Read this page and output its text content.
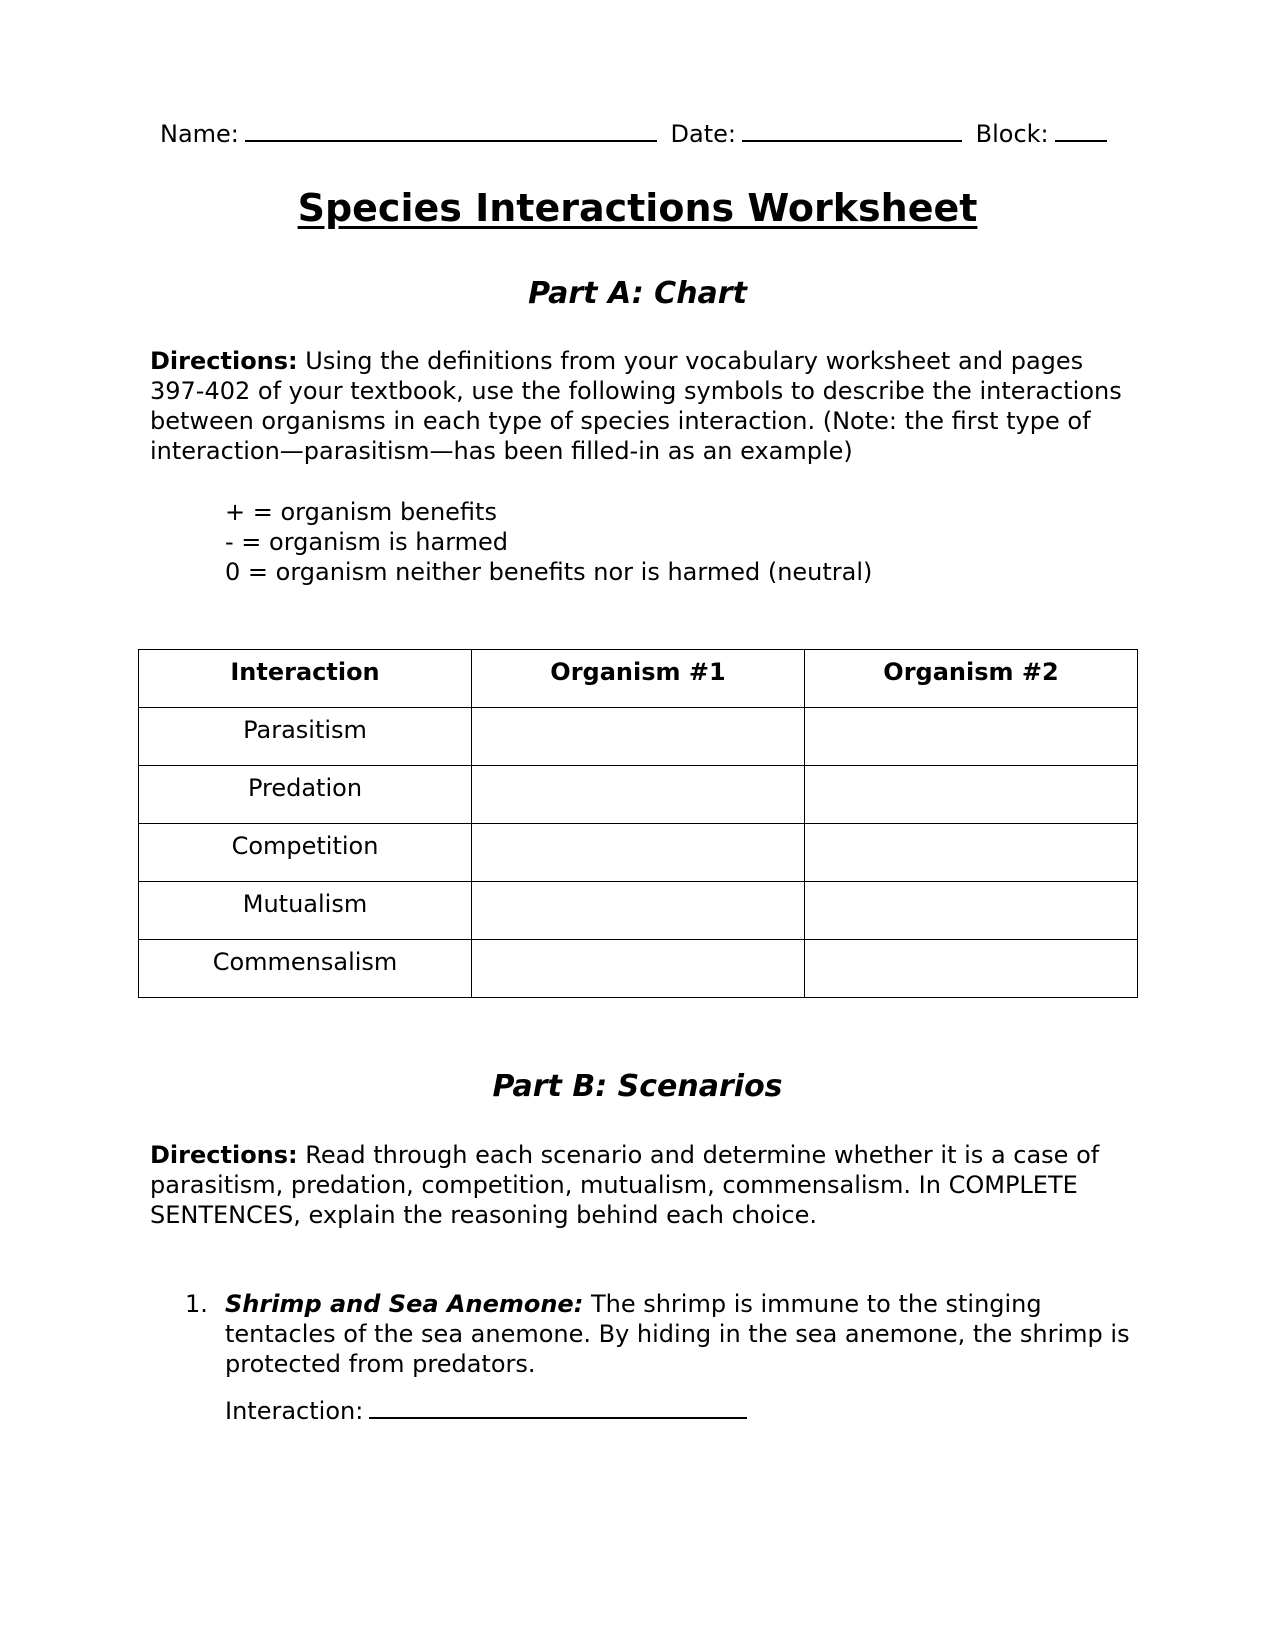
Name:	Date:	Block:
Species Interactions Worksheet
Part A: Chart
Directions: Using the definitions from your vocabulary worksheet and pages 397-402 of your textbook, use the following symbols to describe the interactions between organisms in each type of species interaction. (Note: the first type of interaction—parasitism—has been filled-in as an example)
+ = organism benefits
- = organism is harmed
0 = organism neither benefits nor is harmed (neutral)
Interaction	Organism #1	Organism #2
Parasitism		
Predation		
Competition		
Mutualism		
Commensalism		
Part B: Scenarios
Directions: Read through each scenario and determine whether it is a case of parasitism, predation, competition, mutualism, commensalism. In COMPLETE SENTENCES, explain the reasoning behind each choice.
1. Shrimp and Sea Anemone: The shrimp is immune to the stinging tentacles of the sea anemone. By hiding in the sea anemone, the shrimp is protected from predators.
Interaction:
